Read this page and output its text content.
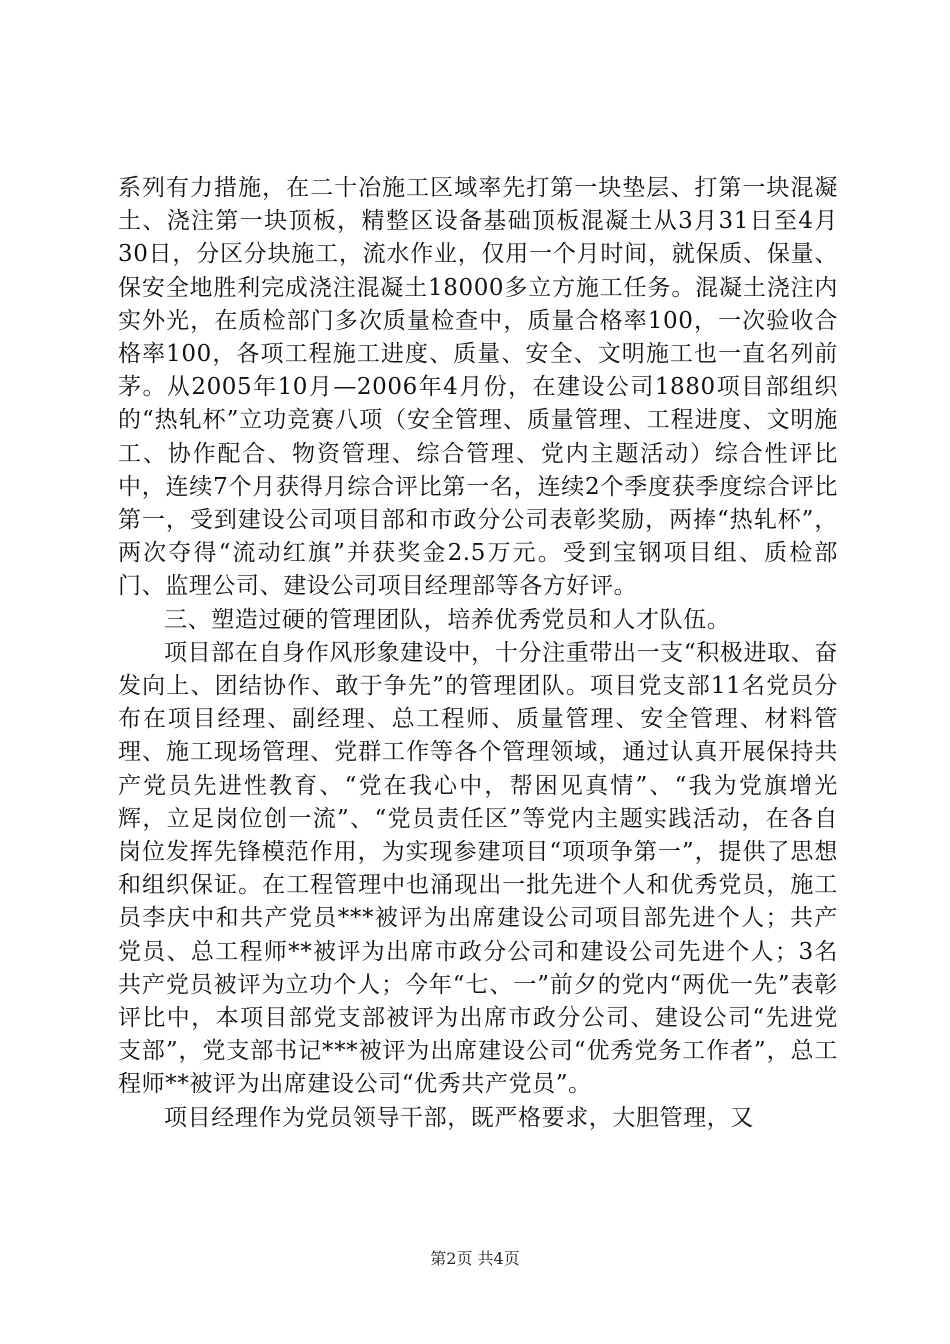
系列有力措施，在二十冶施工区域率先打第一块垫层、打第一块混凝土、浇注第一块顶板，精整区设备基础顶板混凝土从3月31日至4月30日，分区分块施工，流水作业，仅用一个月时间，就保质、保量、保安全地胜利完成浇注混凝土18000多立方施工任务。混凝土浇注内实外光，在质检部门多次质量检查中，质量合格率100，一次验收合格率100，各项工程施工进度、质量、安全、文明施工也一直名列前茅。从2005年10月—2006年4月份，在建设公司1880项目部组织的“热轧杯”立功竞赛八项（安全管理、质量管理、工程进度、文明施工、协作配合、物资管理、综合管理、党内主题活动）综合性评比中，连续7个月获得月综合评比第一名，连续2个季度获季度综合评比第一，受到建设公司项目部和市政分公司表彰奖励，两捧“热轧杯”，两次夺得“流动红旗”并获奖金2.5万元。受到宝钢项目组、质检部门、监理公司、建设公司项目经理部等各方好评。

三、塑造过硬的管理团队，培养优秀党员和人才队伍。

项目部在自身作风形象建设中，十分注重带出一支“积极进取、奋发向上、团结协作、敢于争先”的管理团队。项目党支部11名党员分布在项目经理、副经理、总工程师、质量管理、安全管理、材料管理、施工现场管理、党群工作等各个管理领域，通过认真开展保持共产党员先进性教育、“党在我心中，帮困见真情”、“我为党旗增光辉，立足岗位创一流”、“党员责任区”等党内主题实践活动，在各自岗位发挥先锋模范作用，为实现参建项目“项项争第一”，提供了思想和组织保证。在工程管理中也涌现出一批先进个人和优秀党员，施工员李庆中和共产党员***被评为出席建设公司项目部先进个人；共产党员、总工程师**被评为出席市政分公司和建设公司先进个人；3名共产党员被评为立功个人；今年“七、一”前夕的党内“两优一先”表彰评比中，本项目部党支部被评为出席市政分公司、建设公司“先进党支部”，党支部书记***被评为出席建设公司“优秀党务工作者”，总工程师**被评为出席建设公司“优秀共产党员”。

项目经理作为党员领导干部，既严格要求，大胆管理，又

第2页 共4页
